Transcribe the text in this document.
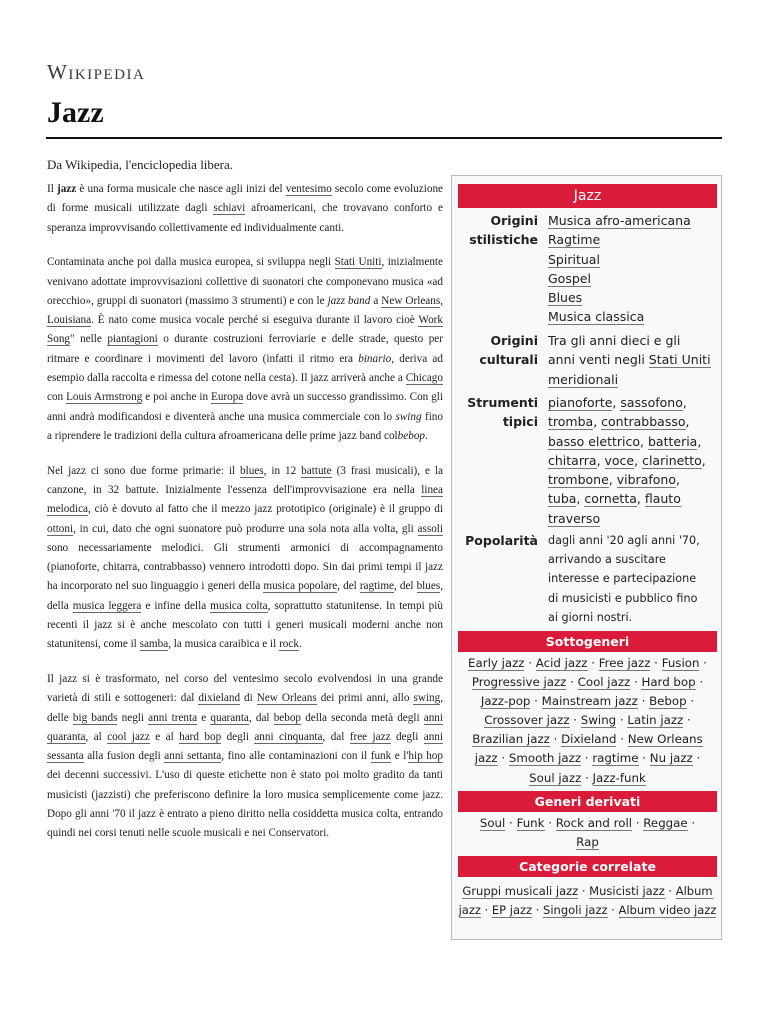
Wikipedia
Jazz
Da Wikipedia, l'enciclopedia libera.

Il jazz è una forma musicale che nasce agli inizi del ventesimo secolo come evoluzione di forme musicali utilizzate dagli schiavi afroamericani, che trovavano conforto e speranza improvvisando collettivamente ed individualmente canti.

Contaminata anche poi dalla musica europea, si sviluppa negli Stati Uniti, inizialmente venivano adottate improvvisazioni collettive di suonatori che componevano musica «ad orecchio», gruppi di suonatori (massimo 3 strumenti) e con le jazz band a New Orleans, Louisiana. È nato come musica vocale perché si eseguiva durante il lavoro cioè Work Song" nelle piantagioni o durante costruzioni ferroviarie e delle strade, questo per ritmare e coordinare i movimenti del lavoro (infatti il ritmo era binario, deriva ad esempio dalla raccolta e rimessa del cotone nella cesta). Il jazz arriverà anche a Chicago con Louis Armstrong e poi anche in Europa dove avrà un successo grandissimo. Con gli anni andrà modificandosi e diventerà anche una musica commerciale con lo swing fino a riprendere le tradizioni della cultura afroamericana delle prime jazz band colbebop.

Nel jazz ci sono due forme primarie: il blues, in 12 battute (3 frasi musicali), e la canzone, in 32 battute. Inizialmente l'essenza dell'improvvisazione era nella linea melodica, ciò è dovuto al fatto che il mezzo jazz prototipico (originale) è il gruppo di ottoni, in cui, dato che ogni suonatore può produrre una sola nota alla volta, gli assoli sono necessariamente melodici. Gli strumenti armonici di accompagnamento (pianoforte, chitarra, contrabbasso) vennero introdotti dopo. Sin dai primi tempi il jazz ha incorporato nel suo linguaggio i generi della musica popolare, del ragtime, del blues, della musica leggera e infine della musica colta, soprattutto statunitense. In tempi più recenti il jazz si è anche mescolato con tutti i generi musicali moderni anche non statunitensi, come il samba, la musica caraibica e il rock.

Il jazz si è trasformato, nel corso del ventesimo secolo evolvendosi in una grande varietà di stili e sottogeneri: dal dixieland di New Orleans dei primi anni, allo swing, delle big bands negli anni trenta e quaranta, dal bebop della seconda metà degli anni quaranta, al cool jazz e al hard bop degli anni cinquanta, dal free jazz degli anni sessanta alla fusion degli anni settanta, fino alle contaminazioni con il funk e l'hip hop dei decenni successivi. L'uso di queste etichette non è stato poi molto gradito da tanti musicisti (jazzisti) che preferiscono definire la loro musica semplicemente come jazz. Dopo gli anni '70 il jazz è entrato a pieno diritto nella cosiddetta musica colta, entrando quindi nei corsi tenuti nelle scuole musicali e nei Conservatori.

Jazz
Origini
stilistiche
Musica afro-americana
Ragtime
Spiritual
Gospel
Blues
Musica classica
Origini
culturali
Tra gli anni dieci e gli
anni venti negli Stati Uniti
meridionali
Strumenti
tipici
pianoforte, sassofono,
tromba, contrabbasso,
basso elettrico, batteria,
chitarra, voce, clarinetto,
trombone, vibrafono,
tuba, cornetta, flauto
traverso
Popolarità dagli anni '20 agli anni '70,
arrivando a suscitare
interesse e partecipazione
di musicisti e pubblico fino
ai giorni nostri.
Sottogeneri
Early jazz · Acid jazz · Free jazz · Fusion ·
Progressive jazz · Cool jazz · Hard bop ·
Jazz-pop · Mainstream jazz · Bebop ·
Crossover jazz · Swing · Latin jazz ·
Brazilian jazz · Dixieland · New Orleans
jazz · Smooth jazz · ragtime · Nu jazz ·
Soul jazz · Jazz-funk
Generi derivati
Soul · Funk · Rock and roll · Reggae ·
Rap
Categorie correlate
Gruppi musicali jazz · Musicisti jazz · Album
jazz · EP jazz · Singoli jazz · Album video jazz
